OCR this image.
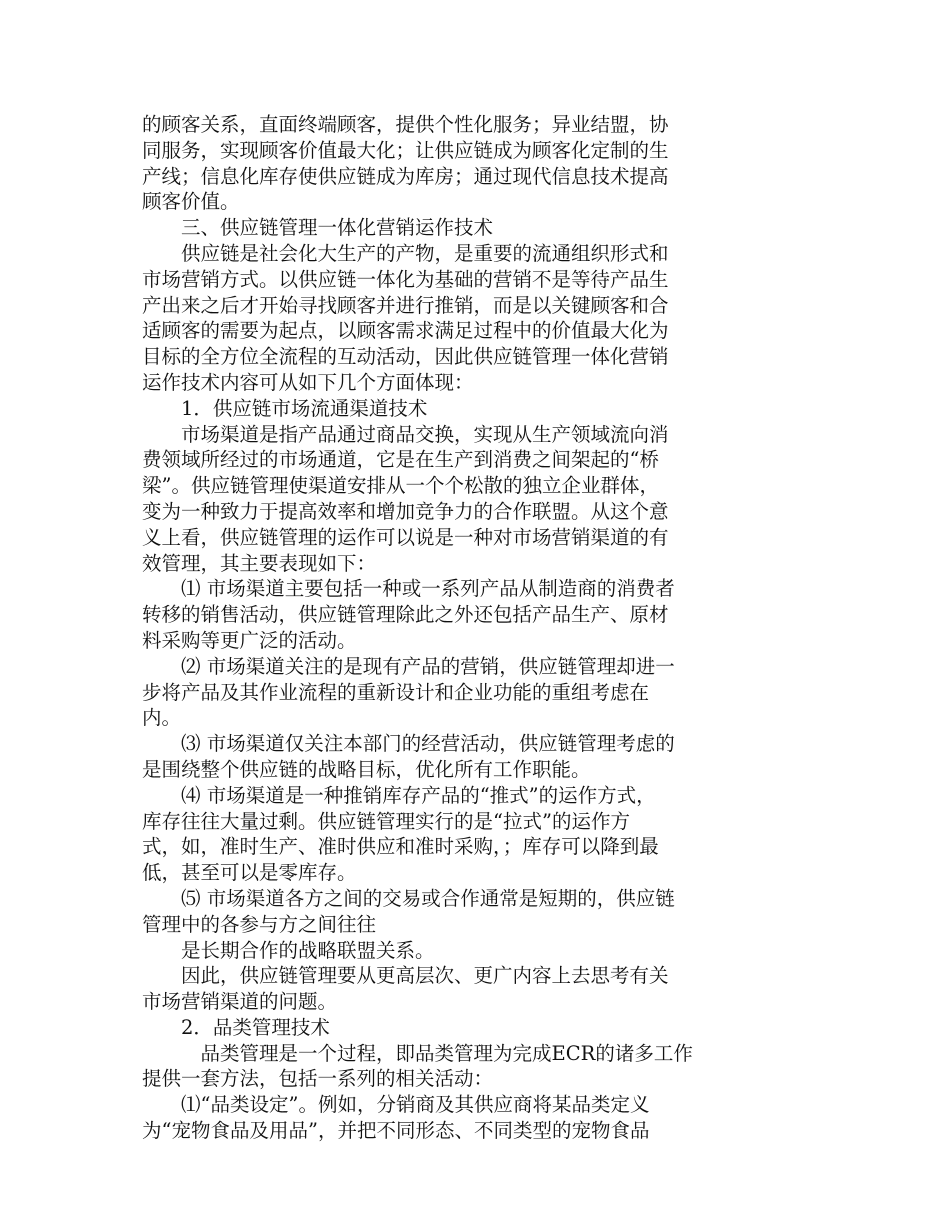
的顾客关系，直面终端顾客，提供个性化服务；异业结盟，协
同服务，实现顾客价值最大化；让供应链成为顾客化定制的生
产线；信息化库存使供应链成为库房；通过现代信息技术提高
顾客价值。
　　三、供应链管理一体化营销运作技术
　　供应链是社会化大生产的产物，是重要的流通组织形式和
市场营销方式。以供应链一体化为基础的营销不是等待产品生
产出来之后才开始寻找顾客并进行推销，而是以关键顾客和合
适顾客的需要为起点，以顾客需求满足过程中的价值最大化为
目标的全方位全流程的互动活动，因此供应链管理一体化营销
运作技术内容可从如下几个方面体现：
　　1．供应链市场流通渠道技术
　　市场渠道是指产品通过商品交换，实现从生产领域流向消
费领域所经过的市场通道，它是在生产到消费之间架起的“桥
梁”。供应链管理使渠道安排从一个个松散的独立企业群体，
变为一种致力于提高效率和增加竞争力的合作联盟。从这个意
义上看，供应链管理的运作可以说是一种对市场营销渠道的有
效管理，其主要表现如下：
　　⑴ 市场渠道主要包括一种或一系列产品从制造商的消费者
转移的销售活动，供应链管理除此之外还包括产品生产、原材
料采购等更广泛的活动。
　　⑵ 市场渠道关注的是现有产品的营销，供应链管理却进一
步将产品及其作业流程的重新设计和企业功能的重组考虑在
内。
　　⑶ 市场渠道仅关注本部门的经营活动，供应链管理考虑的
是围绕整个供应链的战略目标，优化所有工作职能。
　　⑷ 市场渠道是一种推销库存产品的“推式”的运作方式，
库存往往大量过剩。供应链管理实行的是“拉式”的运作方
式，如，准时生产、准时供应和准时采购，；库存可以降到最
低，甚至可以是零库存。
　　⑸ 市场渠道各方之间的交易或合作通常是短期的，供应链
管理中的各参与方之间往往
　　是长期合作的战略联盟关系。
　　因此，供应链管理要从更高层次、更广内容上去思考有关
市场营销渠道的问题。
　　2．品类管理技术
　　　品类管理是一个过程，即品类管理为完成ECR的诸多工作
提供一套方法，包括一系列的相关活动：
　　⑴“品类设定”。例如，分销商及其供应商将某品类定义
为“宠物食品及用品”，并把不同形态、不同类型的宠物食品
